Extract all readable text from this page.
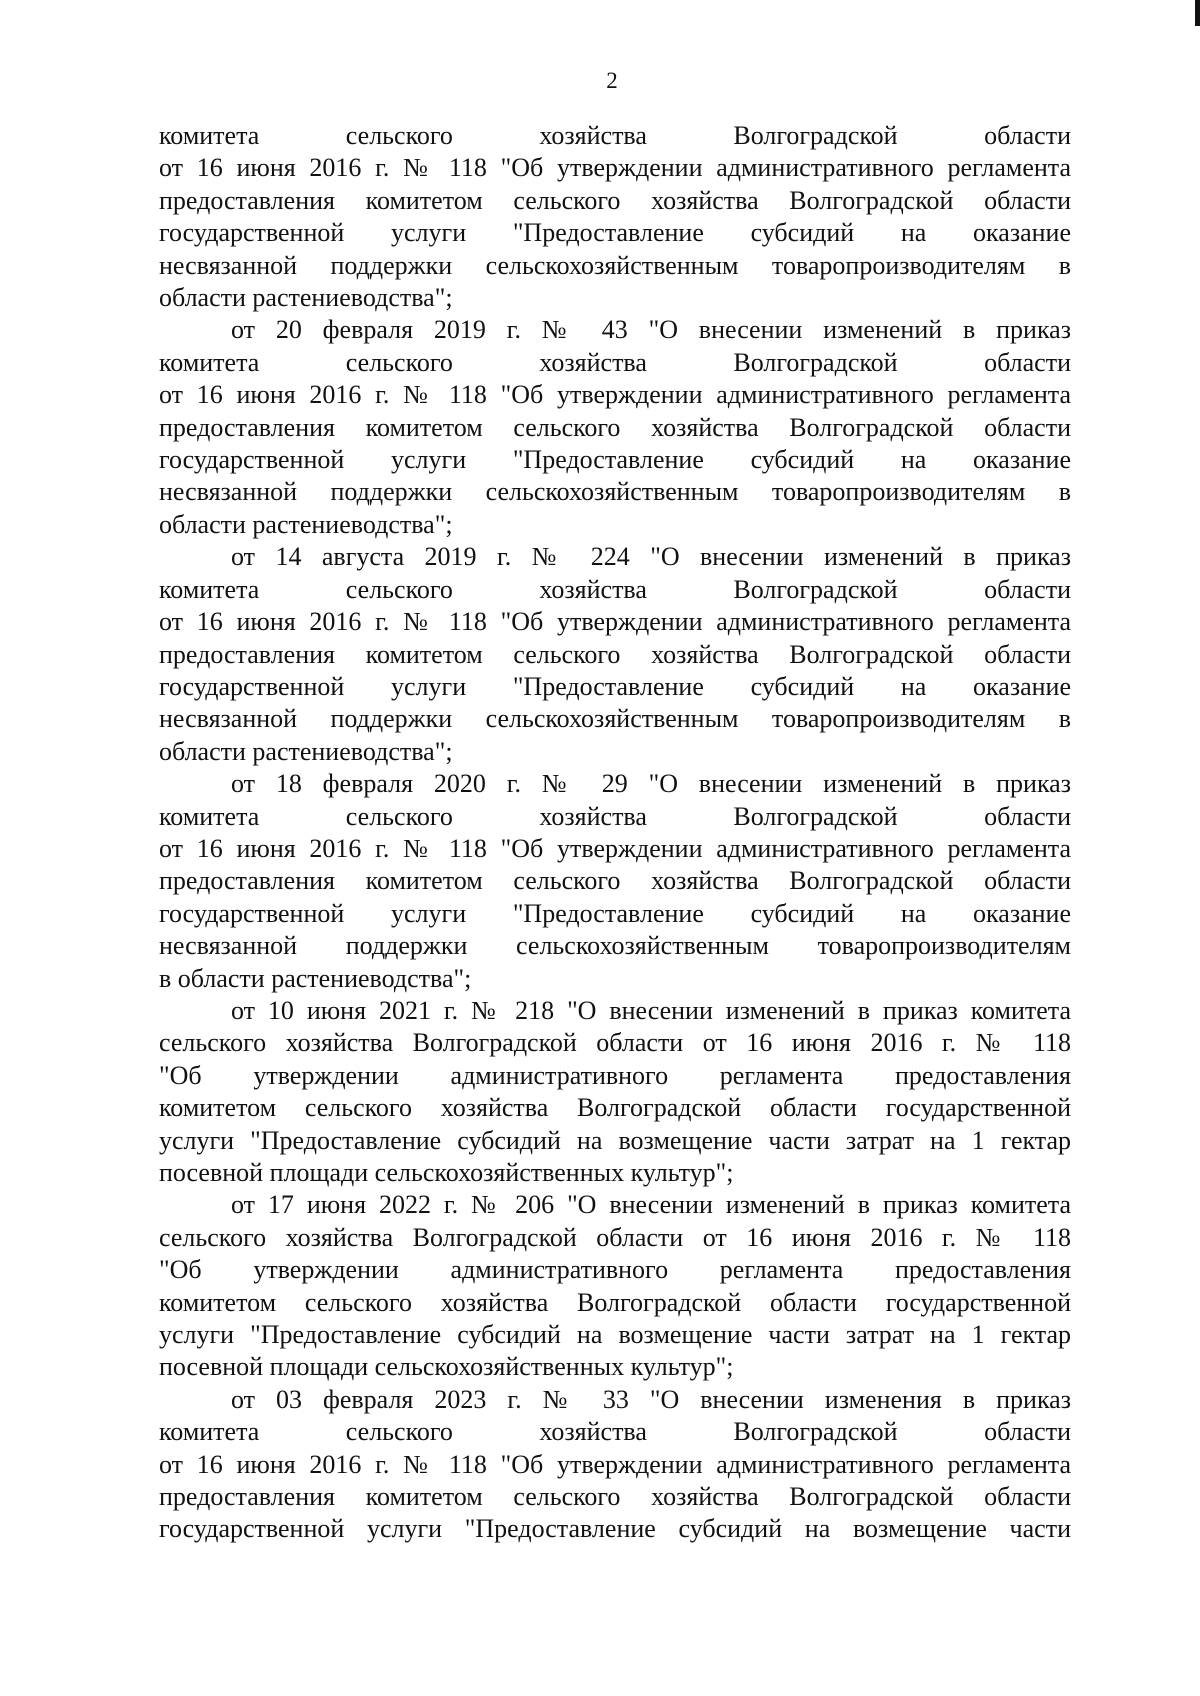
2

комитета сельского хозяйства Волгоградской области
от 16 июня 2016 г. № 118 "Об утверждении административного регламента
предоставления комитетом сельского хозяйства Волгоградской области
государственной услуги "Предоставление субсидий на оказание
несвязанной поддержки сельскохозяйственным товаропроизводителям в
области растениеводства";

от 20 февраля 2019 г. № 43 "О внесении изменений в приказ
комитета сельского хозяйства Волгоградской области
от 16 июня 2016 г. № 118 "Об утверждении административного регламента
предоставления комитетом сельского хозяйства Волгоградской области
государственной услуги "Предоставление субсидий на оказание
несвязанной поддержки сельскохозяйственным товаропроизводителям в
области растениеводства";

от 14 августа 2019 г. № 224 "О внесении изменений в приказ
комитета сельского хозяйства Волгоградской области
от 16 июня 2016 г. № 118 "Об утверждении административного регламента
предоставления комитетом сельского хозяйства Волгоградской области
государственной услуги "Предоставление субсидий на оказание
несвязанной поддержки сельскохозяйственным товаропроизводителям в
области растениеводства";

от 18 февраля 2020 г. № 29 "О внесении изменений в приказ
комитета сельского хозяйства Волгоградской области
от 16 июня 2016 г. № 118 "Об утверждении административного регламента
предоставления комитетом сельского хозяйства Волгоградской области
государственной услуги "Предоставление субсидий на оказание
несвязанной поддержки сельскохозяйственным товаропроизводителям
в области растениеводства";

от 10 июня 2021 г. № 218 "О внесении изменений в приказ комитета
сельского хозяйства Волгоградской области от 16 июня 2016 г. № 118
"Об утверждении административного регламента предоставления
комитетом сельского хозяйства Волгоградской области государственной
услуги "Предоставление субсидий на возмещение части затрат на 1 гектар
посевной площади сельскохозяйственных культур";

от 17 июня 2022 г. № 206 "О внесении изменений в приказ комитета
сельского хозяйства Волгоградской области от 16 июня 2016 г. № 118
"Об утверждении административного регламента предоставления
комитетом сельского хозяйства Волгоградской области государственной
услуги "Предоставление субсидий на возмещение части затрат на 1 гектар
посевной площади сельскохозяйственных культур";

от 03 февраля 2023 г. № 33 "О внесении изменения в приказ
комитета сельского хозяйства Волгоградской области
от 16 июня 2016 г. № 118 "Об утверждении административного регламента
предоставления комитетом сельского хозяйства Волгоградской области
государственной услуги "Предоставление субсидий на возмещение части
